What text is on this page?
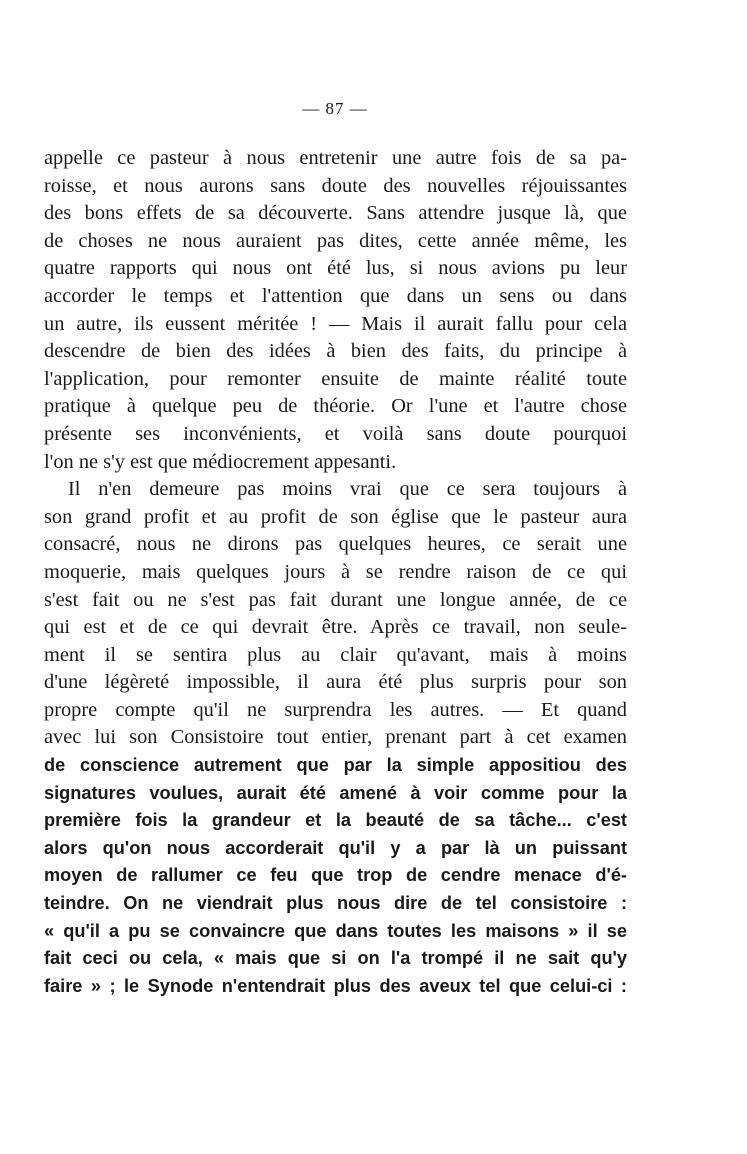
— 87 —
appelle ce pasteur à nous entretenir une autre fois de sa pa-
roisse, et nous aurons sans doute des nouvelles réjouissantes
des bons effets de sa découverte. Sans attendre jusque là, que
de choses ne nous auraient pas dites, cette année même, les
quatre rapports qui nous ont été lus, si nous avions pu leur
accorder le temps et l'attention que dans un sens ou dans
un autre, ils eussent méritée ! — Mais il aurait fallu pour cela
descendre de bien des idées à bien des faits, du principe à
l'application, pour remonter ensuite de mainte réalité toute
pratique à quelque peu de théorie. Or l'une et l'autre chose
présente ses inconvénients, et voilà sans doute pourquoi
l'on ne s'y est que médiocrement appesanti.
Il n'en demeure pas moins vrai que ce sera toujours à
son grand profit et au profit de son église que le pasteur aura
consacré, nous ne dirons pas quelques heures, ce serait une
moquerie, mais quelques jours à se rendre raison de ce qui
s'est fait ou ne s'est pas fait durant une longue année, de ce
qui est et de ce qui devrait être. Après ce travail, non seule-
ment il se sentira plus au clair qu'avant, mais à moins
d'une légèreté impossible, il aura été plus surpris pour son
propre compte qu'il ne surprendra les autres. — Et quand
avec lui son Consistoire tout entier, prenant part à cet examen
de conscience autrement que par la simple appositiou des
signatures voulues, aurait été amené à voir comme pour la
première fois la grandeur et la beauté de sa tâche... c'est
alors qu'on nous accorderait qu'il y a par là un puissant
moyen de rallumer ce feu que trop de cendre menace d'é-
teindre. On ne viendrait plus nous dire de tel consistoire :
« qu'il a pu se convaincre que dans toutes les maisons » il se
fait ceci ou cela, « mais que si on l'a trompé il ne sait qu'y
faire » ; le Synode n'entendrait plus des aveux tel que celui-ci :
